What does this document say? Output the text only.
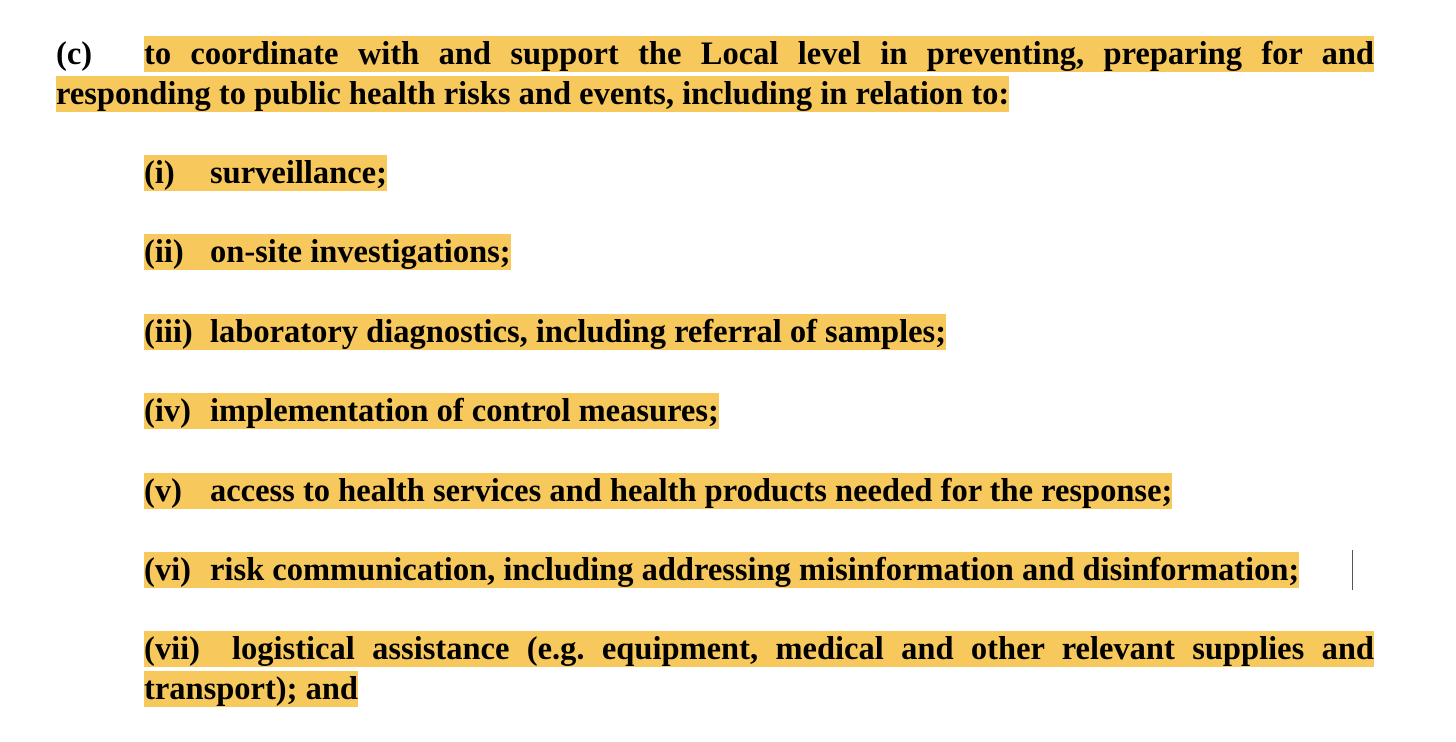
(c) to coordinate with and support the Local level in preventing, preparing for and responding to public health risks and events, including in relation to:

(i) surveillance;
(ii) on-site investigations;
(iii) laboratory diagnostics, including referral of samples;
(iv) implementation of control measures;
(v) access to health services and health products needed for the response;
(vi) risk communication, including addressing misinformation and disinformation;

(vii) logistical assistance (e.g. equipment, medical and other relevant supplies and transport); and
